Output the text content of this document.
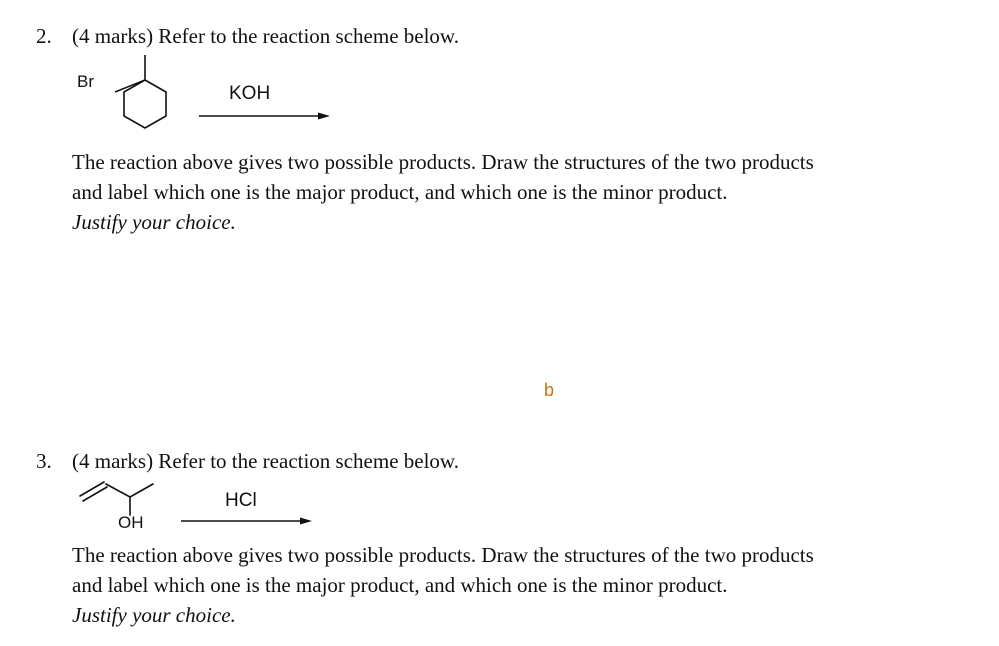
2. (4 marks) Refer to the reaction scheme below.
Br
KOH
The reaction above gives two possible products. Draw the structures of the two products
and label which one is the major product, and which one is the minor product.
Justify your choice.
b
3. (4 marks) Refer to the reaction scheme below.
OH
HCl
The reaction above gives two possible products. Draw the structures of the two products
and label which one is the major product, and which one is the minor product.
Justify your choice.
